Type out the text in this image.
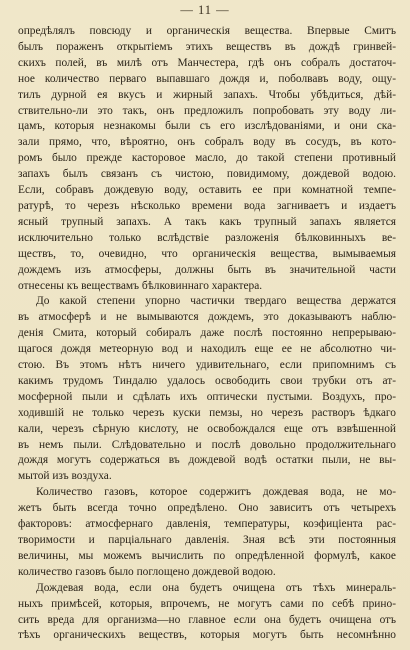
— 11 —
опредѣлялъ повсюду и органическія вещества. Впервые Смитъ
былъ пораженъ открытіемъ этихъ веществъ въ дождѣ гринвей-
скихъ полей, въ милѣ отъ Манчестера, гдѣ онъ собралъ достаточ-
ное количество перваго выпавшаго дождя и, поболвавъ воду, ощу-
тилъ дурной ея вкусъ и жирный запахъ. Чтобы убѣдиться, дѣй-
ствительно-ли это такъ, онъ предложилъ попробовать эту воду ли-
цамъ, которыя незнакомы были съ его изслѣдованіями, и они ска-
зали прямо, что, вѣроятно, онъ собралъ воду въ сосудъ, въ кото-
ромъ было прежде касторовое масло, до такой степени противный
запахъ былъ связанъ съ чистою, повидимому, дождевой водою.
Если, собравъ дождевую воду, оставить ее при комнатной темпе-
ратурѣ, то черезъ нѣсколько времени вода загниваетъ и издаетъ
ясный трупный запахъ. А такъ какъ трупный запахъ является
исключительно только вслѣдствіе разложенія бѣлковинныхъ ве-
ществъ, то, очевидно, что органическія вещества, вымываемыя
дождемъ изъ атмосферы, должны быть въ значительной части
отнесены къ веществамъ бѣлковиннаго характера.
До какой степени упорно частички твердаго вещества держатся
въ атмосферѣ и не вымываются дождемъ, это доказываютъ наблю-
денія Смита, который собиралъ даже послѣ постоянно непрерываю-
щагося дождя метеорную вод и находилъ еще ее не абсолютно чи-
стою. Въ этомъ нѣтъ ничего удивительнаго, если припомнимъ съ
какимъ трудомъ Тиндалю удалось освободить свои трубки отъ ат-
мосферной пыли и сдѣлать ихъ оптически пустыми. Воздухъ, про-
ходившій не только черезъ куски пемзы, но черезъ растворъ ѣдкаго
кали, черезъ сѣрную кислоту, не освобождался еще отъ взвѣшенной
въ немъ пыли. Слѣдовательно и послѣ довольно продолжительнаго
дождя могутъ содержаться въ дождевой водѣ остатки пыли, не вы-
мытой изъ воздуха.
Количество газовъ, которое содержитъ дождевая вода, не мо-
жетъ быть всегда точно опредѣлено. Оно зависитъ отъ четырехъ
факторовъ: атмосфернаго давленія, температуры, коэфиціента рас-
творимости и парціальнаго давленія. Зная всѣ эти постоянныя
величины, мы можемъ вычислить по опредѣленной формулѣ, какое
количество газовъ было поглощено дождевой водою.
Дождевая вода, если она будетъ очищена отъ тѣхъ минераль-
ныхъ примѣсей, которыя, впрочемъ, не могутъ сами по себѣ прино-
сить вреда для организма—но главное если она будетъ очищена отъ
тѣхъ органическихъ веществъ, которыя могутъ быть несомнѣнно
